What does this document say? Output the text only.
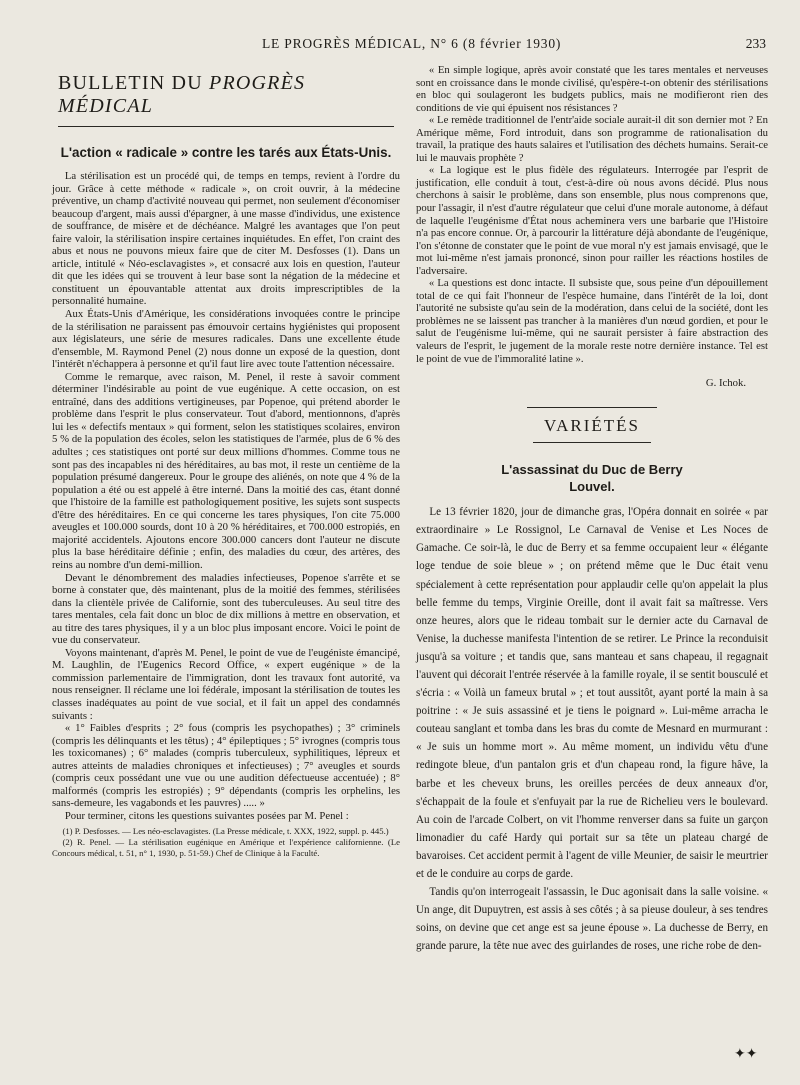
LE PROGRÈS MÉDICAL, N° 6 (8 février 1930)	233
BULLETIN DU PROGRÈS MÉDICAL
L'action « radicale » contre les tarés aux États-Unis.

La stérilisation est un procédé qui, de temps en temps, revient à l'ordre du jour. Grâce à cette méthode « radicale », on croit ouvrir, à la médecine préventive, un champ d'activité nouveau qui permet, non seulement d'économiser beaucoup d'argent, mais aussi d'épargner, à une masse d'individus, une existence de souffrance, de misère et de déchéance. Malgré les avantages que l'on peut faire valoir, la stérilisation inspire certaines inquiétudes. En effet, l'on craint des abus et nous ne pouvons mieux faire que de citer M. Desfosses (1). Dans un article, intitulé « Néo-esclavagistes », et consacré aux lois en question, l'auteur dit que les idées qui se trouvent à leur base sont la négation de la médecine et constituent un épouvantable attentat aux droits imprescriptibles de la personnalité humaine.

Aux États-Unis d'Amérique, les considérations invoquées contre le principe de la stérilisation ne paraissent pas émouvoir certains hygiénistes qui proposent aux législateurs, une série de mesures radicales. Dans une excellente étude d'ensemble, M. Raymond Penel (2) nous donne un exposé de la question, dont l'intérêt n'échappera à personne et qu'il faut lire avec toute l'attention nécessaire.

Comme le remarque, avec raison, M. Penel, il reste à savoir comment déterminer l'indésirable au point de vue eugénique. A cette occasion, on est entraîné, dans des additions vertigineuses, par Popenoe, qui prétend aborder le problème dans l'esprit le plus conservateur. Tout d'abord, mentionnons, d'après lui les « defectifs mentaux » qui forment, selon les statistiques scolaires, environ 5 % de la population des écoles, selon les statistiques de l'armée, plus de 6 % des adultes ; ces statistiques ont porté sur deux millions d'hommes. Comme tous ne sont pas des incapables ni des héréditaires, au bas mot, il reste un centième de la population présumé dangereux. Pour le groupe des aliénés, on note que 4 % de la population a été ou est appelé à être interné. Dans la moitié des cas, étant donné que l'histoire de la famille est pathologiquement positive, les sujets sont suspects d'être des héréditaires. En ce qui concerne les tares physiques, l'on cite 75.000 aveugles et 100.000 sourds, dont 10 à 20 % héréditaires, et 700.000 estropiés, en majorité accidentels. Ajoutons encore 300.000 cancers dont l'auteur ne discute plus la base héréditaire définie ; enfin, des maladies du cœur, des artères, des reins au nombre d'un demi-million.

Devant le dénombrement des maladies infectieuses, Popenoe s'arrête et se borne à constater que, dès maintenant, plus de la moitié des femmes, stérilisées dans la clientèle privée de Californie, sont des tuberculeuses. Au seul titre des tares mentales, cela fait donc un bloc de dix millions à mettre en observation, et au titre des tares physiques, il y a un bloc plus imposant encore. Voici le point de vue du conservateur.

Voyons maintenant, d'après M. Penel, le point de vue de l'eugéniste émancipé, M. Laughlin, de l'Eugenics Record Office, « expert eugénique » de la commission parlementaire de l'immigration, dont les travaux font autorité, va nous renseigner. Il réclame une loi fédérale, imposant la stérilisation de toutes les classes inadéquates au point de vue social, et il fait un appel des condamnés suivants :

« 1° Faibles d'esprits ; 2° fous (compris les psychopathes) ; 3° criminels (compris les délinquants et les têtus) ; 4° épileptiques ; 5° ivrognes (compris tous les toxicomanes) ; 6° malades (compris tuberculeux, syphilitiques, lépreux et autres atteints de maladies chroniques et infectieuses) ; 7° aveugles et sourds (compris ceux possédant une vue ou une audition défectueuse accentuée) ; 8° malformés (compris les estropiés) ; 9° dépendants (compris les orphelins, les sans-demeure, les vagabonds et les pauvres) ..... »

Pour terminer, citons les questions suivantes posées par M. Penel :

(1) P. Desfosses. — Les néo-esclavagistes. (La Presse médicale, t. XXX, 1922, suppl. p. 445.)

(2) R. Penel. — La stérilisation eugénique en Amérique et l'expérience californienne. (Le Concours médical, t. 51, n° 1, 1930, p. 51-59.) Chef de Clinique à la Faculté.

« En simple logique, après avoir constaté que les tares mentales et nerveuses sont en croissance dans le monde civilisé, qu'espère-t-on obtenir des stérilisations en bloc qui soulageront les budgets publics, mais ne modifieront rien des conditions de vie qui épuisent nos résistances ?

« Le remède traditionnel de l'entr'aide sociale aurait-il dit son dernier mot ? En Amérique même, Ford introduit, dans son programme de rationalisation du travail, la pratique des hauts salaires et l'utilisation des déchets humains. Serait-ce lui le mauvais prophète ?

« La logique est le plus fidèle des régulateurs. Interrogée par l'esprit de justification, elle conduit à tout, c'est-à-dire où nous avons décidé. Plus nous cherchons à saisir le problème, dans son ensemble, plus nous comprenons que, pour l'assagir, il n'est d'autre régulateur que celui d'une morale autonome, à défaut de laquelle l'eugénisme d'État nous acheminera vers une barbarie que l'Histoire n'a pas encore connue. Or, à parcourir la littérature déjà abondante de l'eugénique, l'on s'étonne de constater que le point de vue moral n'y est jamais envisagé, que le mot lui-même n'est jamais prononcé, sinon pour railler les réactions hostiles de l'adversaire.

« La questions est donc intacte. Il subsiste que, sous peine d'un dépouillement total de ce qui fait l'honneur de l'espèce humaine, dans l'intérêt de la loi, dont l'autorité ne subsiste qu'au sein de la modération, dans celui de la société, dont les problèmes ne se laissent pas trancher à la manières d'un nœud gordien, et pour le salut de l'eugénisme lui-même, qui ne saurait persister à faire abstraction des valeurs de l'esprit, le jugement de la morale reste notre dernière instance. Tel est le point de vue de l'immoralité latine ».

G. Ichok.
VARIÉTÉS
L'assassinat du Duc de Berry
Louvel.

Le 13 février 1820, jour de dimanche gras, l'Opéra donnait en soirée « par extraordinaire » Le Rossignol, Le Carnaval de Venise et Les Noces de Gamache. Ce soir-là, le duc de Berry et sa femme occupaient leur « élégante loge tendue de soie bleue » ; on prétend même que le Duc était venu spécialement à cette représentation pour applaudir celle qu'on appelait la plus belle femme du temps, Virginie Oreille, dont il avait fait sa maîtresse. Vers onze heures, alors que le rideau tombait sur le dernier acte du Carnaval de Venise, la duchesse manifesta l'intention de se retirer. Le Prince la reconduisit jusqu'à sa voiture ; et tandis que, sans manteau et sans chapeau, il regagnait l'auvent qui décorait l'entrée réservée à la famille royale, il se sentit bousculé et s'écria : « Voilà un fameux brutal » ; et tout aussitôt, ayant porté la main à sa poitrine : « Je suis assassiné et je tiens le poignard ». Lui-même arracha le couteau sanglant et tomba dans les bras du comte de Mesnard en murmurant : « Je suis un homme mort ». Au même moment, un individu vêtu d'une redingote bleue, d'un pantalon gris et d'un chapeau rond, la figure hâve, la barbe et les cheveux bruns, les oreilles percées de deux anneaux d'or, s'échappait de la foule et s'enfuyait par la rue de Richelieu vers le boulevard. Au coin de l'arcade Colbert, on vit l'homme renverser dans sa fuite un garçon limonadier du café Hardy qui portait sur sa tête un plateau chargé de bavaroises. Cet accident permit à l'agent de ville Meunier, de saisir le meurtrier et de le conduire au corps de garde.

Tandis qu'on interrogeait l'assassin, le Duc agonisait dans la salle voisine. « Un ange, dit Dupuytren, est assis à ses côtés ; à sa pieuse douleur, à ses tendres soins, on devine que cet ange est sa jeune épouse ». La duchesse de Berry, en grande parure, la tête nue avec des guirlandes de roses, une riche robe de den-

✦✦
